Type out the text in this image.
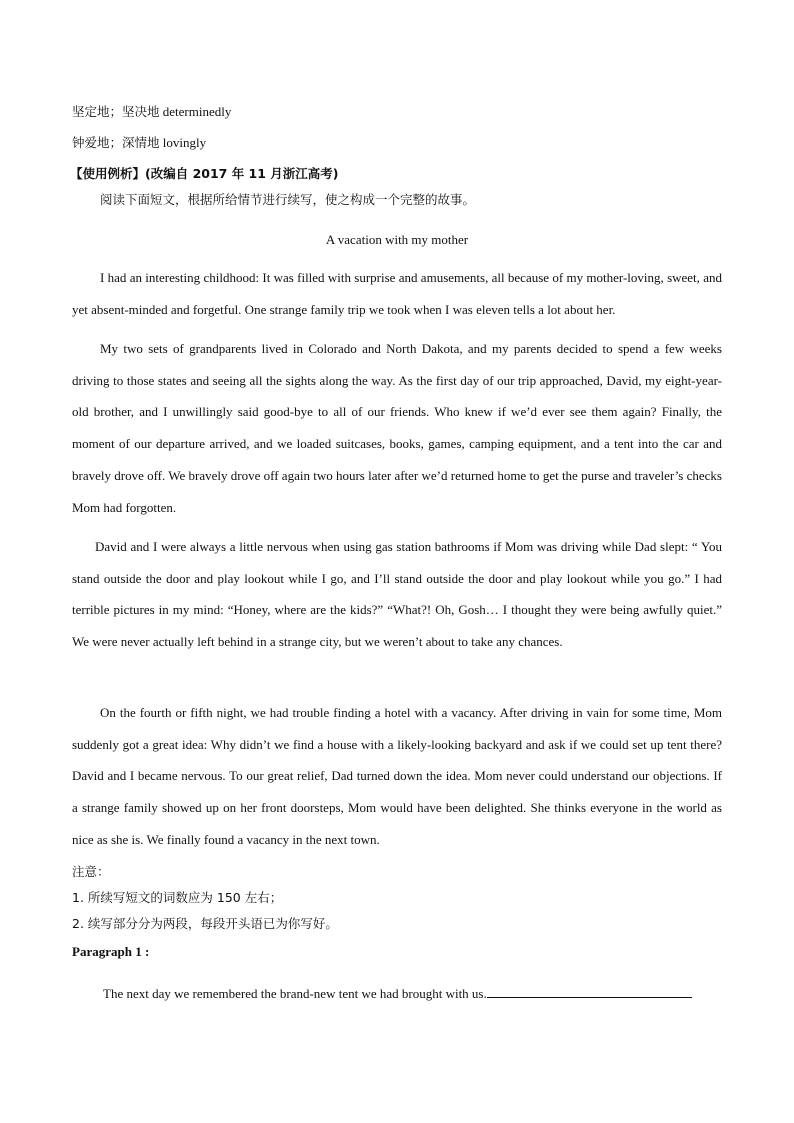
坚定地；坚决地 determinedly
钟爱地；深情地 lovingly
【使用例析】(改编自 2017 年 11 月浙江高考)
阅读下面短文，根据所给情节进行续写，使之构成一个完整的故事。
A vacation with my mother
I had an interesting childhood: It was filled with surprise and amusements, all because of my mother-loving, sweet, and yet absent-minded and forgetful. One strange family trip we took when I was eleven tells a lot about her.
My two sets of grandparents lived in Colorado and North Dakota, and my parents decided to spend a few weeks driving to those states and seeing all the sights along the way. As the first day of our trip approached, David, my eight-year-old brother, and I unwillingly said good-bye to all of our friends. Who knew if we’d ever see them again? Finally, the moment of our departure arrived, and we loaded suitcases, books, games, camping equipment, and a tent into the car and bravely drove off. We bravely drove off again two hours later after we’d returned home to get the purse and traveler’s checks Mom had forgotten.
David and I were always a little nervous when using gas station bathrooms if Mom was driving while Dad slept: “ You stand outside the door and play lookout while I go, and I’ll stand outside the door and play lookout while you go.” I had terrible pictures in my mind: “Honey, where are the kids?” “What?! Oh, Gosh… I thought they were being awfully quiet.” We were never actually left behind in a strange city, but we weren’t about to take any chances.
On the fourth or fifth night, we had trouble finding a hotel with a vacancy. After driving in vain for some time, Mom suddenly got a great idea: Why didn’t we find a house with a likely-looking backyard and ask if we could set up tent there? David and I became nervous. To our great relief, Dad turned down the idea. Mom never could understand our objections. If a strange family showed up on her front doorsteps, Mom would have been delighted. She thinks everyone in the world as nice as she is. We finally found a vacancy in the next town.
注意：
1. 所续写短文的词数应为 150 左右；
2. 续写部分分为两段，每段开头语已为你写好。
Paragraph 1 :
The next day we remembered the brand-new tent we had brought with us.
